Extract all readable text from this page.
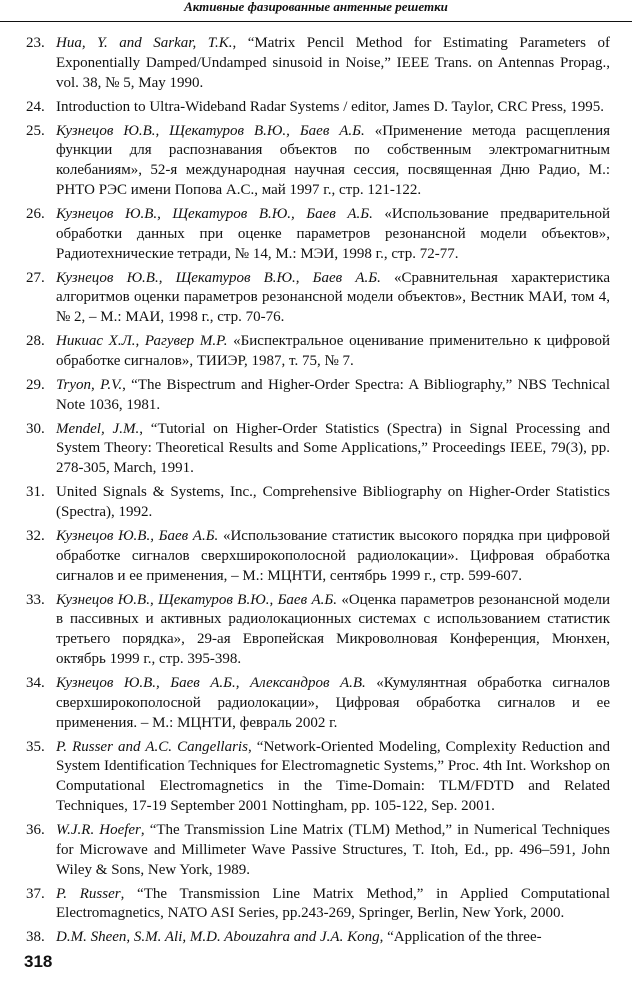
Активные фазированные антенные решетки
23. Hua, Y. and Sarkar, T.K., “Matrix Pencil Method for Estimating Parameters of Exponentially Damped/Undamped sinusoid in Noise,” IEEE Trans. on Antennas Propag., vol. 38, № 5, May 1990.
24. Introduction to Ultra-Wideband Radar Systems / editor, James D. Taylor, CRC Press, 1995.
25. Кузнецов Ю.В., Щекатуров В.Ю., Баев А.Б. «Применение метода расщепления функции для распознавания объектов по собственным электромагнитным колебаниям», 52-я международная научная сессия, посвященная Дню Радио, М.: РНТО РЭС имени Попова А.С., май 1997 г., стр. 121-122.
26. Кузнецов Ю.В., Щекатуров В.Ю., Баев А.Б. «Использование предварительной обработки данных при оценке параметров резонансной модели объектов», Радиотехнические тетради, № 14, М.: МЭИ, 1998 г., стр. 72-77.
27. Кузнецов Ю.В., Щекатуров В.Ю., Баев А.Б. «Сравнительная характеристика алгоритмов оценки параметров резонансной модели объектов», Вестник МАИ, том 4, № 2, – М.: МАИ, 1998 г., стр. 70-76.
28. Никиас Х.Л., Рагувер М.Р. «Биспектральное оценивание применительно к цифровой обработке сигналов», ТИИЭР, 1987, т. 75, № 7.
29. Tryon, P.V., “The Bispectrum and Higher-Order Spectra: A Bibliography,” NBS Technical Note 1036, 1981.
30. Mendel, J.M., “Tutorial on Higher-Order Statistics (Spectra) in Signal Processing and System Theory: Theoretical Results and Some Applications,” Proceedings IEEE, 79(3), pp. 278-305, March, 1991.
31. United Signals & Systems, Inc., Comprehensive Bibliography on Higher-Order Statistics (Spectra), 1992.
32. Кузнецов Ю.В., Баев А.Б. «Использование статистик высокого порядка при цифровой обработке сигналов сверхширокополосной радиолокации». Цифровая обработка сигналов и ее применения, – М.: МЦНТИ, сентябрь 1999 г., стр. 599-607.
33. Кузнецов Ю.В., Щекатуров В.Ю., Баев А.Б. «Оценка параметров резонансной модели в пассивных и активных радиолокационных системах с использованием статистик третьего порядка», 29-ая Европейская Микроволновая Конференция, Мюнхен, октябрь 1999 г., стр. 395-398.
34. Кузнецов Ю.В., Баев А.Б., Александров А.В. «Кумулянтная обработка сигналов сверхширокополосной радиолокации», Цифровая обработка сигналов и ее применения. – М.: МЦНТИ, февраль 2002 г.
35. P. Russer and A.C. Cangellaris, “Network-Oriented Modeling, Complexity Reduction and System Identification Techniques for Electromagnetic Systems,” Proc. 4th Int. Workshop on Computational Electromagnetics in the Time-Domain: TLM/FDTD and Related Techniques, 17-19 September 2001 Nottingham, pp. 105-122, Sep. 2001.
36. W.J.R. Hoefer, “The Transmission Line Matrix (TLM) Method,” in Numerical Techniques for Microwave and Millimeter Wave Passive Structures, T. Itoh, Ed., pp. 496–591, John Wiley & Sons, New York, 1989.
37. P. Russer, “The Transmission Line Matrix Method,” in Applied Computational Electromagnetics, NATO ASI Series, pp.243-269, Springer, Berlin, New York, 2000.
38. D.M. Sheen, S.M. Ali, M.D. Abouzahra and J.A. Kong, “Application of the three-
318
